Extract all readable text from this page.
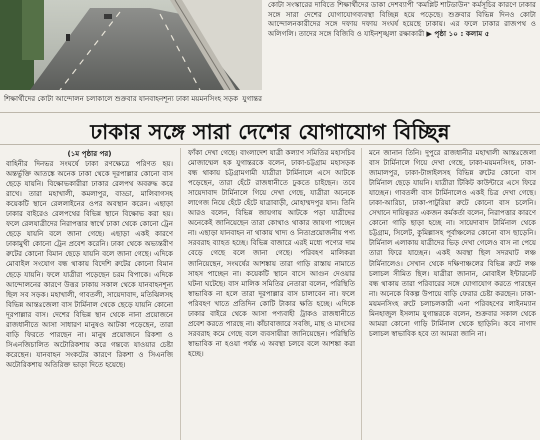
শিক্ষার্থীদের কোটা আন্দোলন চলাকালে শুক্রবার যানবাহনশূন্য ঢাকা ময়মনসিংহ সড়ক যুগান্তর
কোটা সংস্কারের দাবিতে শিক্ষার্থীদের ডাকা দেশব্যাপী 'কমপ্লিট শাটডাউন' কর্মসূচির কারণে ঢাকার সঙ্গে সারা দেশের যোগাযোগব্যবস্থা বিচ্ছিন্ন হয়ে পড়েছে। শুক্রবার বিভিন্ন দিনও কোটা আন্দোলনকারীদের সঙ্গে দফায় দফায় সংঘর্ষ হয়েছে ঢাকায়। এর ফলে ঢাকার রাজপথ ও অলিগলি। তাদের সঙ্গে বিজিবি ও যাইনশৃঙ্খলা রক্ষাকারী ▶ পৃষ্ঠা ১০ : কলাম ৫
ঢাকার সঙ্গে সারা দেশের যোগাযোগ বিচ্ছিন্ন
(১ম পৃষ্ঠার পর)

বাহিনীর দিনভর সংঘর্ষে ঢাকা রণক্ষেত্রে পরিণত হয়। অন্তর্ভুক্তি আতঙ্কে অনেক ঢাকা থেকে দূরপাল্লার কোনো বাস ছেড়ে যায়নি। বিক্ষোভকারীরা ঢাকার রেলপথ অবরুদ্ধ করে রাখে। তারা মহাখালী, কমলাপুর, বাড্ডা, মালিবাগসহ কয়েকটি স্থানে রেললাইনের ওপর অবস্থান করেন। এছাড়া ঢাকার বাইরেও রেলপথের বিভিন্ন স্থানে বিক্ষোভ করা হয়। ফলে রেলযাত্রীদের নিরাপত্তার স্বার্থে ঢাকা থেকে কোনো ট্রেন ছেড়ে যায়নি বলে জানা গেছে। এছাড়া একই কারণে ঢাকামুখী কোনো ট্রেন প্রবেশ করেনি। ঢাকা থেকে অভ্যন্তরীণ রুটের কোনো বিমান ছেড়ে যায়নি বলে জানা গেছে। এদিকে মোবাইল সংযোগ বন্ধ থাকায় বিদেশি রুটের কোনো বিমান ছেড়ে যায়নি। ফলে যাত্রীরা পড়েছেন চরম বিপাকে। এদিকে আন্দোলনের কারণে উত্তর ঢাকায় সকাল থেকে যানবাহনশূন্য ছিল সব সড়ক। মহাখালী, গাবতলী, সায়েদাবাদ, মতিঝিলসহ বিভিন্ন আন্তঃজেলা বাস টার্মিনাল থেকে ছেড়ে যায়নি কোনো দূরপাল্লার বাস। দেশের বিভিন্ন স্থান থেকে নানা প্রয়োজনে রাজধানীতে আসা সাধারণ মানুষও আটকা পড়েছেন, তারা বাড়ি ফিরতে পারছেন না। মানুষ প্রয়োজনে রিকশা ও সিএনজিচালিত অটোরিকশায় করে গন্তব্যে যাওয়ার চেষ্টা করেছেন। যানবাহন সংকটের কারণে রিকশা ও সিএনজি অটোরিকশায় অতিরিক্ত ভাড়া দিতে হয়েছে।

ফাঁকা দেখা গেছে। বাংলাদেশ যাত্রী কল্যাণ সমিতির মহাসচিব মোজাম্মেল হক যুগান্তরকে বলেন, ঢাকা-চট্টগ্রাম মহাসড়ক বন্ধ থাকায় চট্টগ্রামগামী যাত্রীরা টার্মিনালে এসে আটকে পড়েছেন, তারা হেঁটে রাজধানীতে ঢুকতে চাইছেন। তবে সায়েদাবাদ টার্মিনালে গিয়ে দেখা গেছে, যাত্রীরা অনেকে লাগেজ নিয়ে হেঁটে হেঁটে যাত্রাবাড়ী, মোহাম্মদপুর যান। তিনি আরও বলেন, বিভিন্ন জায়গায় আটকে পড়া যাত্রীদের অনেকেই জানিয়েছেন তারা কোথাও থাকার জায়গা পাচ্ছেন না। এছাড়া যানবাহন না থাকায় খাদ্য ও নিত্যপ্রয়োজনীয় পণ্য সরবরাহ ব্যাহত হচ্ছে। বিভিন্ন বাজারে এরই মধ্যে পণ্যের দাম বেড়ে গেছে বলে জানা গেছে। পরিবহণ মালিকরা জানিয়েছেন, সংঘর্ষের আশঙ্কায় তারা গাড়ি রাস্তায় নামাতে সাহস পাচ্ছেন না। কয়েকটি স্থানে বাসে আগুন দেওয়ার ঘটনা ঘটেছে। বাস মালিক সমিতির নেতারা বলেন, পরিস্থিতি স্বাভাবিক না হলে তারা দূরপাল্লার বাস চালাবেন না। ফলে পরিবহণ খাতে প্রতিদিন কোটি টাকার ক্ষতি হচ্ছে। এদিকে ঢাকার বাইরে থেকে আসা পণ্যবাহী ট্রাকও রাজধানীতে প্রবেশ করতে পারছে না। কাঁচাবাজারে সবজি, মাছ ও মাংসের সরবরাহ কমে গেছে বলে ব্যবসায়ীরা জানিয়েছেন। পরিস্থিতি স্বাভাবিক না হওয়া পর্যন্ত এ অবস্থা চলবে বলে আশঙ্কা করা হচ্ছে।

মনে জানান তিনি। দুপুরে রাজধানীর মহাখালী আন্তঃজেলা বাস টার্মিনালে গিয়ে দেখা গেছে, ঢাকা-ময়মনসিংহ, ঢাকা-জামালপুর, ঢাকা-টাঙ্গাইলসহ বিভিন্ন রুটের কোনো বাস টার্মিনাল ছেড়ে যায়নি। যাত্রীরা টিকিট কাউন্টারে এসে ফিরে যাচ্ছেন। গাবতলী বাস টার্মিনালেও একই চিত্র দেখা গেছে। ঢাকা-আরিচা, ঢাকা-পাটুরিয়া রুটে কোনো বাস চলেনি। সেখানে দায়িত্বরত একজন কর্মকর্তা বলেন, নিরাপত্তার কারণে কোনো গাড়ি ছাড়া হচ্ছে না। সায়েদাবাদ টার্মিনাল থেকে চট্টগ্রাম, সিলেট, কুমিল্লাসহ পূর্বাঞ্চলের কোনো বাস ছাড়েনি। টার্মিনাল এলাকায় যাত্রীদের ভিড় দেখা গেলেও বাস না পেয়ে তারা ফিরে যাচ্ছেন। একই অবস্থা ছিল সদরঘাট লঞ্চ টার্মিনালেও। সেখান থেকে দক্ষিণাঞ্চলের বিভিন্ন রুটে লঞ্চ চলাচল সীমিত ছিল। যাত্রীরা জানান, মোবাইল ইন্টারনেট বন্ধ থাকায় তারা পরিবারের সঙ্গে যোগাযোগ করতে পারছেন না। অনেকে বিকল্প উপায়ে বাড়ি ফেরার চেষ্টা করছেন। ঢাকা-ময়মনসিংহ রুটে চলাচলকারী এনা পরিবহণের লাইনম্যান মিনহাজুল ইসলাম যুগান্তরকে বলেন, শুক্রবার সকাল থেকে আমরা কোনো গাড়ি টার্মিনাল থেকে ছাড়িনি। কবে নাগাদ চলাচল স্বাভাবিক হবে তা আমরা জানি না।
